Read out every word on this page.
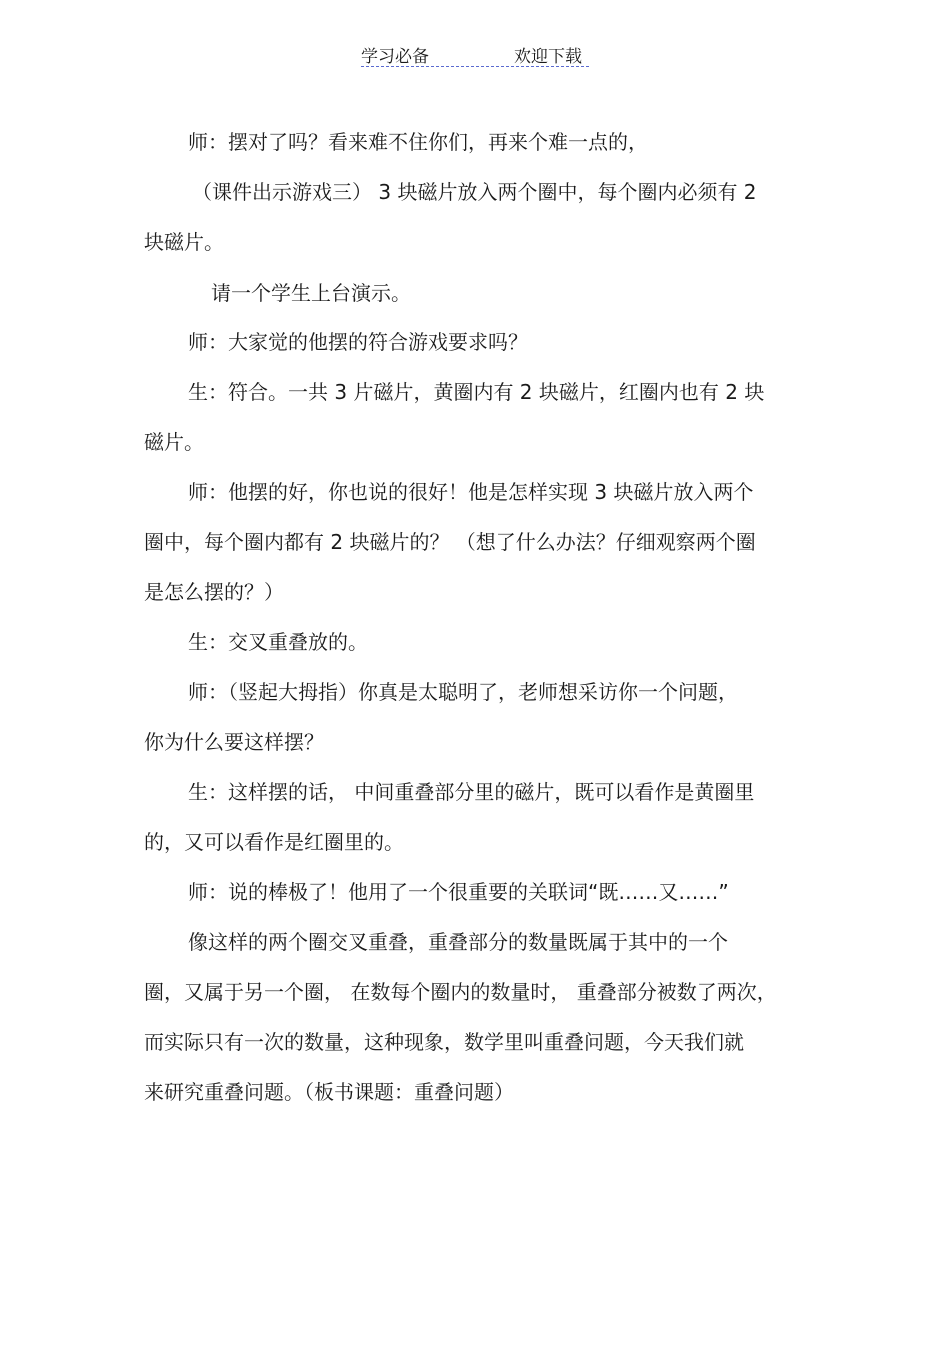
学习必备	欢迎下载
师：摆对了吗？看来难不住你们，再来个难一点的，
（课件出示游戏三） 3 块磁片放入两个圈中，每个圈内必须有 2
块磁片。
请一个学生上台演示。
师：大家觉的他摆的符合游戏要求吗？
生：符合。一共 3 片磁片，黄圈内有 2 块磁片，红圈内也有 2 块
磁片。
师：他摆的好，你也说的很好！他是怎样实现 3 块磁片放入两个
圈中，每个圈内都有 2 块磁片的？ （想了什么办法？仔细观察两个圈
是怎么摆的？）
生：交叉重叠放的。
师：（竖起大拇指）你真是太聪明了，老师想采访你一个问题，
你为什么要这样摆？
生：这样摆的话， 中间重叠部分里的磁片，既可以看作是黄圈里
的，又可以看作是红圈里的。
师：说的棒极了！他用了一个很重要的关联词“既……又……”
像这样的两个圈交叉重叠，重叠部分的数量既属于其中的一个
圈，又属于另一个圈， 在数每个圈内的数量时， 重叠部分被数了两次，
而实际只有一次的数量，这种现象，数学里叫重叠问题，今天我们就
来研究重叠问题。（板书课题：重叠问题）
